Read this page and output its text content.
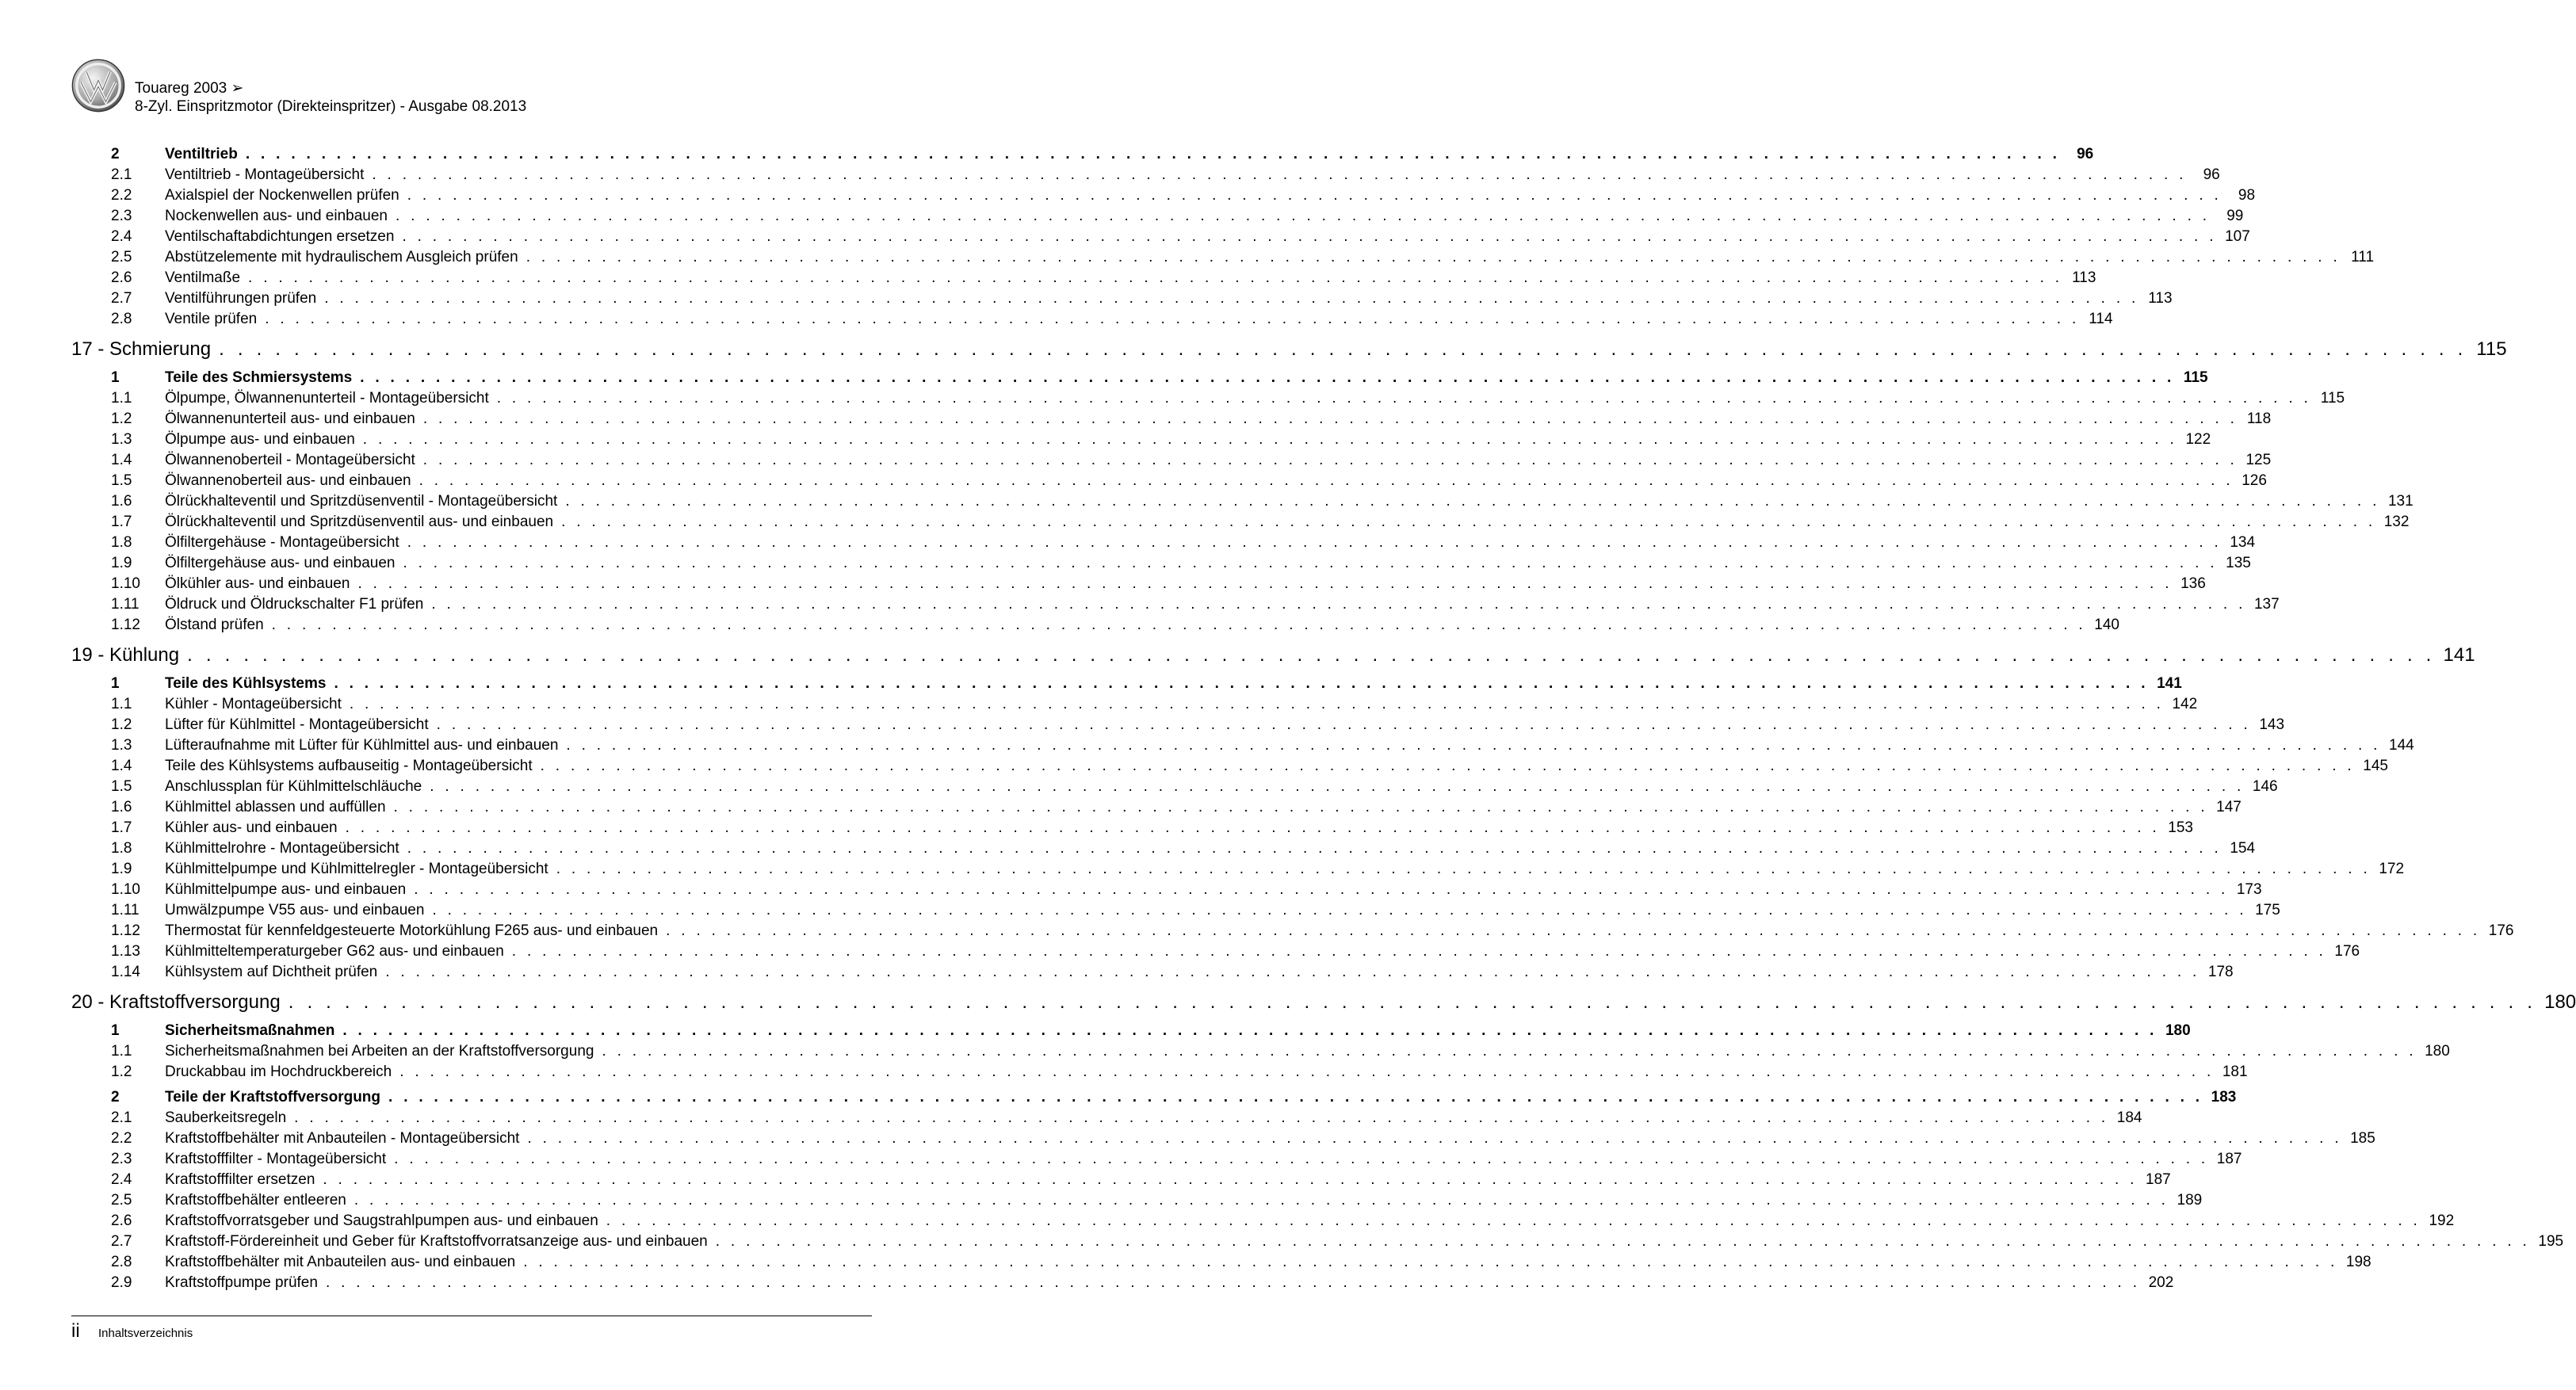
Touareg 2003 ➢
8-Zyl. Einspritzmotor (Direkteinspritzer) - Ausgabe 08.2013
2	Ventiltrieb . . . . . . . . . . . . . . . . . . . . . . . . . . . . . . . . . . . . . . . . . . . . . . . . . . . . . . . . . . . . . . . . . . . . . . . . . . . . . . . . . . . . . . . . . . . . . . . . . . . . . . . . . . . . . . . . . . . . . . . .	96
2.1 Ventiltrieb - Montageübersicht . . . . . . . . . . . . . . . . . . . . . . . . . . . . . . . . . . . . . . . . . . . . . . . . . . . . . . . . . . . . . . . . . . . . . . . . . . . . . . . . . . . . . . . . . . . . . . . . . . . . . . . . . . . . . . . . . . . . . . . .	96
2.2 Axialspiel der Nockenwellen prüfen . . . . . . . . . . . . . . . . . . . . . . . . . . . . . . . . . . . . . . . . . . . . . . . . . . . . . . . . . . . . . . . . . . . . . . . . . . . . . . . . . . . . . . . . . . . . . . . . . . . . . . . . . . . . . . . . . . . . . . . .	98
2.3 Nockenwellen aus- und einbauen . . . . . . . . . . . . . . . . . . . . . . . . . . . . . . . . . . . . . . . . . . . . . . . . . . . . . . . . . . . . . . . . . . . . . . . . . . . . . . . . . . . . . . . . . . . . . . . . . . . . . . . . . . . . . . . . . . . . . . . .	99
2.4 Ventilschaftabdichtungen ersetzen . . . . . . . . . . . . . . . . . . . . . . . . . . . . . . . . . . . . . . . . . . . . . . . . . . . . . . . . . . . . . . . . . . . . . . . . . . . . . . . . . . . . . . . . . . . . . . . . . . . . . . . . . . . . . . . . . . . . . . . . 107
2.5 Abstützelemente mit hydraulischem Ausgleich prüfen . . . . . . . . . . . . . . . . . . . . . . . . . . . . . . . . . . . . . . . . . . . . . . . . . . . . . . . . . . . . . . . . . . . . . . . . . . . . . . . . . . . . . . . . . . . . . . . . . . . . . . . . . . . . . . . . . . . . . . . . 111
2.6 Ventilmaße . . . . . . . . . . . . . . . . . . . . . . . . . . . . . . . . . . . . . . . . . . . . . . . . . . . . . . . . . . . . . . . . . . . . . . . . . . . . . . . . . . . . . . . . . . . . . . . . . . . . . . . . . . . . . . . . . . . . . . . . 113
2.7 Ventilführungen prüfen . . . . . . . . . . . . . . . . . . . . . . . . . . . . . . . . . . . . . . . . . . . . . . . . . . . . . . . . . . . . . . . . . . . . . . . . . . . . . . . . . . . . . . . . . . . . . . . . . . . . . . . . . . . . . . . . . . . . . . . . 113
2.8 Ventile prüfen . . . . . . . . . . . . . . . . . . . . . . . . . . . . . . . . . . . . . . . . . . . . . . . . . . . . . . . . . . . . . . . . . . . . . . . . . . . . . . . . . . . . . . . . . . . . . . . . . . . . . . . . . . . . . . . . . . . . . . . . 114
17 - Schmierung . . . . . . . . . . . . . . . . . . . . . . . . . . . . . . . . . . . . . . . . . . . . . . . . . . . . . . . . . . . . . . . . . . . . . . . . . . . . . . . . . . . . . . . . . . . . . . . . . . . . . . . . . . . . . . . . . . . . . . . . 115
1	Teile des Schmiersystems . . . . . . . . . . . . . . . . . . . . . . . . . . . . . . . . . . . . . . . . . . . . . . . . . . . . . . . . . . . . . . . . . . . . . . . . . . . . . . . . . . . . . . . . . . . . . . . . . . . . . . . . . . . . . . . . . . . . . . . . 115
1.1 Ölpumpe, Ölwannenunterteil - Montageübersicht . . . . . . . . . . . . . . . . . . . . . . . . . . . . . . . . . . . . . . . . . . . . . . . . . . . . . . . . . . . . . . . . . . . . . . . . . . . . . . . . . . . . . . . . . . . . . . . . . . . . . . . . . . . . . . . . . . . . . . . . 115
1.2 Ölwannenunterteil aus- und einbauen . . . . . . . . . . . . . . . . . . . . . . . . . . . . . . . . . . . . . . . . . . . . . . . . . . . . . . . . . . . . . . . . . . . . . . . . . . . . . . . . . . . . . . . . . . . . . . . . . . . . . . . . . . . . . . . . . . . . . . . . 118
1.3 Ölpumpe aus- und einbauen . . . . . . . . . . . . . . . . . . . . . . . . . . . . . . . . . . . . . . . . . . . . . . . . . . . . . . . . . . . . . . . . . . . . . . . . . . . . . . . . . . . . . . . . . . . . . . . . . . . . . . . . . . . . . . . . . . . . . . . . 122
1.4 Ölwannenoberteil - Montageübersicht . . . . . . . . . . . . . . . . . . . . . . . . . . . . . . . . . . . . . . . . . . . . . . . . . . . . . . . . . . . . . . . . . . . . . . . . . . . . . . . . . . . . . . . . . . . . . . . . . . . . . . . . . . . . . . . . . . . . . . . . 125
1.5 Ölwannenoberteil aus- und einbauen . . . . . . . . . . . . . . . . . . . . . . . . . . . . . . . . . . . . . . . . . . . . . . . . . . . . . . . . . . . . . . . . . . . . . . . . . . . . . . . . . . . . . . . . . . . . . . . . . . . . . . . . . . . . . . . . . . . . . . . . 126
1.6 Ölrückhalteventil und Spritzdüsenventil - Montageübersicht . . . . . . . . . . . . . . . . . . . . . . . . . . . . . . . . . . . . . . . . . . . . . . . . . . . . . . . . . . . . . . . . . . . . . . . . . . . . . . . . . . . . . . . . . . . . . . . . . . . . . . . . . . . . . . . . . . . . . . . . 131
1.7 Ölrückhalteventil und Spritzdüsenventil aus- und einbauen . . . . . . . . . . . . . . . . . . . . . . . . . . . . . . . . . . . . . . . . . . . . . . . . . . . . . . . . . . . . . . . . . . . . . . . . . . . . . . . . . . . . . . . . . . . . . . . . . . . . . . . . . . . . . . . . . . . . . . . . 132
1.8 Ölfiltergehäuse - Montageübersicht . . . . . . . . . . . . . . . . . . . . . . . . . . . . . . . . . . . . . . . . . . . . . . . . . . . . . . . . . . . . . . . . . . . . . . . . . . . . . . . . . . . . . . . . . . . . . . . . . . . . . . . . . . . . . . . . . . . . . . . . 134
1.9 Ölfiltergehäuse aus- und einbauen . . . . . . . . . . . . . . . . . . . . . . . . . . . . . . . . . . . . . . . . . . . . . . . . . . . . . . . . . . . . . . . . . . . . . . . . . . . . . . . . . . . . . . . . . . . . . . . . . . . . . . . . . . . . . . . . . . . . . . . . 135
1.10 Ölkühler aus- und einbauen . . . . . . . . . . . . . . . . . . . . . . . . . . . . . . . . . . . . . . . . . . . . . . . . . . . . . . . . . . . . . . . . . . . . . . . . . . . . . . . . . . . . . . . . . . . . . . . . . . . . . . . . . . . . . . . . . . . . . . . . 136
1.11 Öldruck und Öldruckschalter F1 prüfen . . . . . . . . . . . . . . . . . . . . . . . . . . . . . . . . . . . . . . . . . . . . . . . . . . . . . . . . . . . . . . . . . . . . . . . . . . . . . . . . . . . . . . . . . . . . . . . . . . . . . . . . . . . . . . . . . . . . . . . . 137
1.12 Ölstand prüfen . . . . . . . . . . . . . . . . . . . . . . . . . . . . . . . . . . . . . . . . . . . . . . . . . . . . . . . . . . . . . . . . . . . . . . . . . . . . . . . . . . . . . . . . . . . . . . . . . . . . . . . . . . . . . . . . . . . . . . . . 140
19 - Kühlung . . . . . . . . . . . . . . . . . . . . . . . . . . . . . . . . . . . . . . . . . . . . . . . . . . . . . . . . . . . . . . . . . . . . . . . . . . . . . . . . . . . . . . . . . . . . . . . . . . . . . . . . . . . . . . . . . . . . . . . . 141
1	Teile des Kühlsystems . . . . . . . . . . . . . . . . . . . . . . . . . . . . . . . . . . . . . . . . . . . . . . . . . . . . . . . . . . . . . . . . . . . . . . . . . . . . . . . . . . . . . . . . . . . . . . . . . . . . . . . . . . . . . . . . . . . . . . . . 141
1.1 Kühler - Montageübersicht . . . . . . . . . . . . . . . . . . . . . . . . . . . . . . . . . . . . . . . . . . . . . . . . . . . . . . . . . . . . . . . . . . . . . . . . . . . . . . . . . . . . . . . . . . . . . . . . . . . . . . . . . . . . . . . . . . . . . . . . 142
1.2 Lüfter für Kühlmittel - Montageübersicht . . . . . . . . . . . . . . . . . . . . . . . . . . . . . . . . . . . . . . . . . . . . . . . . . . . . . . . . . . . . . . . . . . . . . . . . . . . . . . . . . . . . . . . . . . . . . . . . . . . . . . . . . . . . . . . . . . . . . . . . 143
1.3 Lüfteraufnahme mit Lüfter für Kühlmittel aus- und einbauen . . . . . . . . . . . . . . . . . . . . . . . . . . . . . . . . . . . . . . . . . . . . . . . . . . . . . . . . . . . . . . . . . . . . . . . . . . . . . . . . . . . . . . . . . . . . . . . . . . . . . . . . . . . . . . . . . . . . . . . . 144
1.4 Teile des Kühlsystems aufbauseitig - Montageübersicht . . . . . . . . . . . . . . . . . . . . . . . . . . . . . . . . . . . . . . . . . . . . . . . . . . . . . . . . . . . . . . . . . . . . . . . . . . . . . . . . . . . . . . . . . . . . . . . . . . . . . . . . . . . . . . . . . . . . . . . . 145
1.5 Anschlussplan für Kühlmittelschläuche . . . . . . . . . . . . . . . . . . . . . . . . . . . . . . . . . . . . . . . . . . . . . . . . . . . . . . . . . . . . . . . . . . . . . . . . . . . . . . . . . . . . . . . . . . . . . . . . . . . . . . . . . . . . . . . . . . . . . . . . 146
1.6 Kühlmittel ablassen und auffüllen . . . . . . . . . . . . . . . . . . . . . . . . . . . . . . . . . . . . . . . . . . . . . . . . . . . . . . . . . . . . . . . . . . . . . . . . . . . . . . . . . . . . . . . . . . . . . . . . . . . . . . . . . . . . . . . . . . . . . . . . 147
1.7 Kühler aus- und einbauen . . . . . . . . . . . . . . . . . . . . . . . . . . . . . . . . . . . . . . . . . . . . . . . . . . . . . . . . . . . . . . . . . . . . . . . . . . . . . . . . . . . . . . . . . . . . . . . . . . . . . . . . . . . . . . . . . . . . . . . . 153
1.8 Kühlmittelrohre - Montageübersicht . . . . . . . . . . . . . . . . . . . . . . . . . . . . . . . . . . . . . . . . . . . . . . . . . . . . . . . . . . . . . . . . . . . . . . . . . . . . . . . . . . . . . . . . . . . . . . . . . . . . . . . . . . . . . . . . . . . . . . . . 154
1.9 Kühlmittelpumpe und Kühlmittelregler - Montageübersicht . . . . . . . . . . . . . . . . . . . . . . . . . . . . . . . . . . . . . . . . . . . . . . . . . . . . . . . . . . . . . . . . . . . . . . . . . . . . . . . . . . . . . . . . . . . . . . . . . . . . . . . . . . . . . . . . . . . . . . . . 172
1.10 Kühlmittelpumpe aus- und einbauen . . . . . . . . . . . . . . . . . . . . . . . . . . . . . . . . . . . . . . . . . . . . . . . . . . . . . . . . . . . . . . . . . . . . . . . . . . . . . . . . . . . . . . . . . . . . . . . . . . . . . . . . . . . . . . . . . . . . . . . . 173
1.11 Umwälzpumpe V55 aus- und einbauen . . . . . . . . . . . . . . . . . . . . . . . . . . . . . . . . . . . . . . . . . . . . . . . . . . . . . . . . . . . . . . . . . . . . . . . . . . . . . . . . . . . . . . . . . . . . . . . . . . . . . . . . . . . . . . . . . . . . . . . . 175
1.12 Thermostat für kennfeldgesteuerte Motorkühlung F265 aus- und einbauen . . . . . . . . . . . . . . . . . . . . . . . . . . . . . . . . . . . . . . . . . . . . . . . . . . . . . . . . . . . . . . . . . . . . . . . . . . . . . . . . . . . . . . . . . . . . . . . . . . . . . . . . . . . . . . . . . . . . . . . . 176
1.13 Kühlmitteltemperaturgeber G62 aus- und einbauen . . . . . . . . . . . . . . . . . . . . . . . . . . . . . . . . . . . . . . . . . . . . . . . . . . . . . . . . . . . . . . . . . . . . . . . . . . . . . . . . . . . . . . . . . . . . . . . . . . . . . . . . . . . . . . . . . . . . . . . . 176
1.14 Kühlsystem auf Dichtheit prüfen . . . . . . . . . . . . . . . . . . . . . . . . . . . . . . . . . . . . . . . . . . . . . . . . . . . . . . . . . . . . . . . . . . . . . . . . . . . . . . . . . . . . . . . . . . . . . . . . . . . . . . . . . . . . . . . . . . . . . . . . 178
20 - Kraftstoffversorgung . . . . . . . . . . . . . . . . . . . . . . . . . . . . . . . . . . . . . . . . . . . . . . . . . . . . . . . . . . . . . . . . . . . . . . . . . . . . . . . . . . . . . . . . . . . . . . . . . . . . . . . . . . . . . . . . . . . . . . . . 180
1	Sicherheitsmaßnahmen . . . . . . . . . . . . . . . . . . . . . . . . . . . . . . . . . . . . . . . . . . . . . . . . . . . . . . . . . . . . . . . . . . . . . . . . . . . . . . . . . . . . . . . . . . . . . . . . . . . . . . . . . . . . . . . . . . . . . . . . 180
1.1 Sicherheitsmaßnahmen bei Arbeiten an der Kraftstoffversorgung . . . . . . . . . . . . . . . . . . . . . . . . . . . . . . . . . . . . . . . . . . . . . . . . . . . . . . . . . . . . . . . . . . . . . . . . . . . . . . . . . . . . . . . . . . . . . . . . . . . . . . . . . . . . . . . . . . . . . . . . 180
1.2 Druckabbau im Hochdruckbereich . . . . . . . . . . . . . . . . . . . . . . . . . . . . . . . . . . . . . . . . . . . . . . . . . . . . . . . . . . . . . . . . . . . . . . . . . . . . . . . . . . . . . . . . . . . . . . . . . . . . . . . . . . . . . . . . . . . . . . . . 181
2	Teile der Kraftstoffversorgung . . . . . . . . . . . . . . . . . . . . . . . . . . . . . . . . . . . . . . . . . . . . . . . . . . . . . . . . . . . . . . . . . . . . . . . . . . . . . . . . . . . . . . . . . . . . . . . . . . . . . . . . . . . . . . . . . . . . . . . . 183
2.1 Sauberkeitsregeln . . . . . . . . . . . . . . . . . . . . . . . . . . . . . . . . . . . . . . . . . . . . . . . . . . . . . . . . . . . . . . . . . . . . . . . . . . . . . . . . . . . . . . . . . . . . . . . . . . . . . . . . . . . . . . . . . . . . . . . . 184
2.2 Kraftstoffbehälter mit Anbauteilen - Montageübersicht . . . . . . . . . . . . . . . . . . . . . . . . . . . . . . . . . . . . . . . . . . . . . . . . . . . . . . . . . . . . . . . . . . . . . . . . . . . . . . . . . . . . . . . . . . . . . . . . . . . . . . . . . . . . . . . . . . . . . . . . 185
2.3 Kraftstofffilter - Montageübersicht . . . . . . . . . . . . . . . . . . . . . . . . . . . . . . . . . . . . . . . . . . . . . . . . . . . . . . . . . . . . . . . . . . . . . . . . . . . . . . . . . . . . . . . . . . . . . . . . . . . . . . . . . . . . . . . . . . . . . . . . 187
2.4 Kraftstofffilter ersetzen . . . . . . . . . . . . . . . . . . . . . . . . . . . . . . . . . . . . . . . . . . . . . . . . . . . . . . . . . . . . . . . . . . . . . . . . . . . . . . . . . . . . . . . . . . . . . . . . . . . . . . . . . . . . . . . . . . . . . . . . 187
2.5 Kraftstoffbehälter entleeren . . . . . . . . . . . . . . . . . . . . . . . . . . . . . . . . . . . . . . . . . . . . . . . . . . . . . . . . . . . . . . . . . . . . . . . . . . . . . . . . . . . . . . . . . . . . . . . . . . . . . . . . . . . . . . . . . . . . . . . . 189
2.6 Kraftstoffvorratsgeber und Saugstrahlpumpen aus- und einbauen . . . . . . . . . . . . . . . . . . . . . . . . . . . . . . . . . . . . . . . . . . . . . . . . . . . . . . . . . . . . . . . . . . . . . . . . . . . . . . . . . . . . . . . . . . . . . . . . . . . . . . . . . . . . . . . . . . . . . . . . 192
2.7 Kraftstoff-Fördereinheit und Geber für Kraftstoffvorratsanzeige aus- und einbauen . . . . . . . . . . . . . . . . . . . . . . . . . . . . . . . . . . . . . . . . . . . . . . . . . . . . . . . . . . . . . . . . . . . . . . . . . . . . . . . . . . . . . . . . . . . . . . . . . . . . . . . . . . . . . . . . . . . . . . . . 195
2.8 Kraftstoffbehälter mit Anbauteilen aus- und einbauen . . . . . . . . . . . . . . . . . . . . . . . . . . . . . . . . . . . . . . . . . . . . . . . . . . . . . . . . . . . . . . . . . . . . . . . . . . . . . . . . . . . . . . . . . . . . . . . . . . . . . . . . . . . . . . . . . . . . . . . . 198
2.9 Kraftstoffpumpe prüfen . . . . . . . . . . . . . . . . . . . . . . . . . . . . . . . . . . . . . . . . . . . . . . . . . . . . . . . . . . . . . . . . . . . . . . . . . . . . . . . . . . . . . . . . . . . . . . . . . . . . . . . . . . . . . . . . . . . . . . . . 202
ii Inhaltsverzeichnis
